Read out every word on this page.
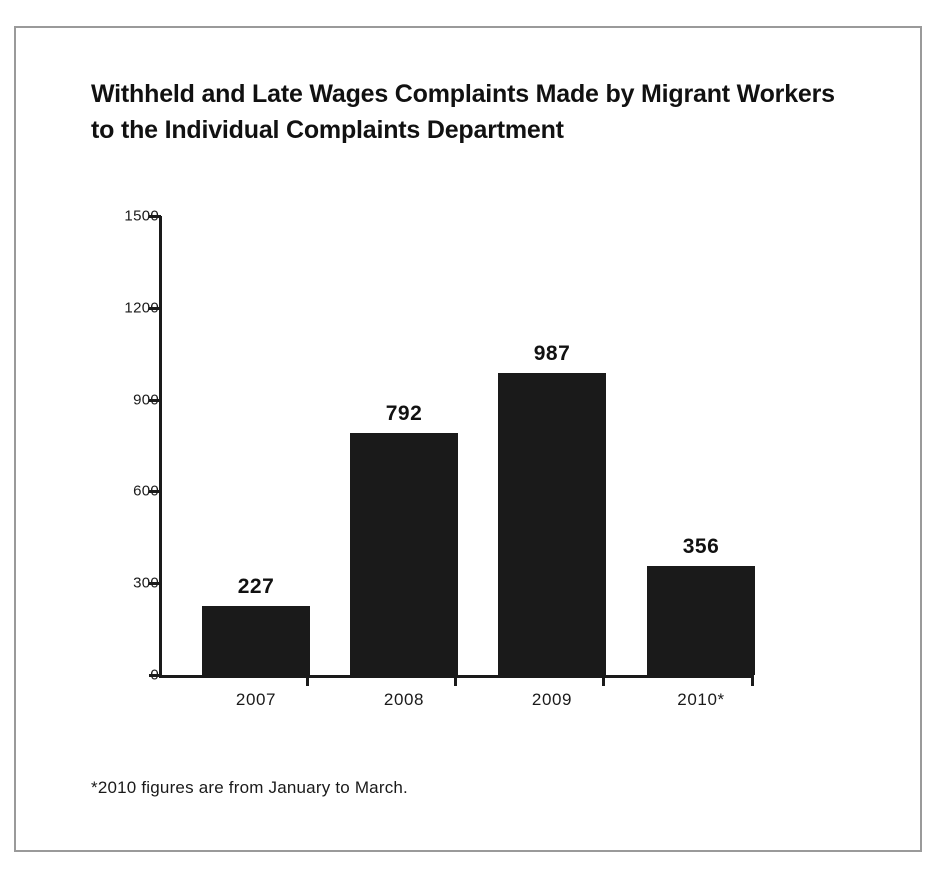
Withheld and Late Wages Complaints Made by Migrant Workers to the Individual Complaints Department
0
300
600
900
1200
1500
227
792
987
356
2007	2008	2009	2010*
*2010 figures are from January to March.
